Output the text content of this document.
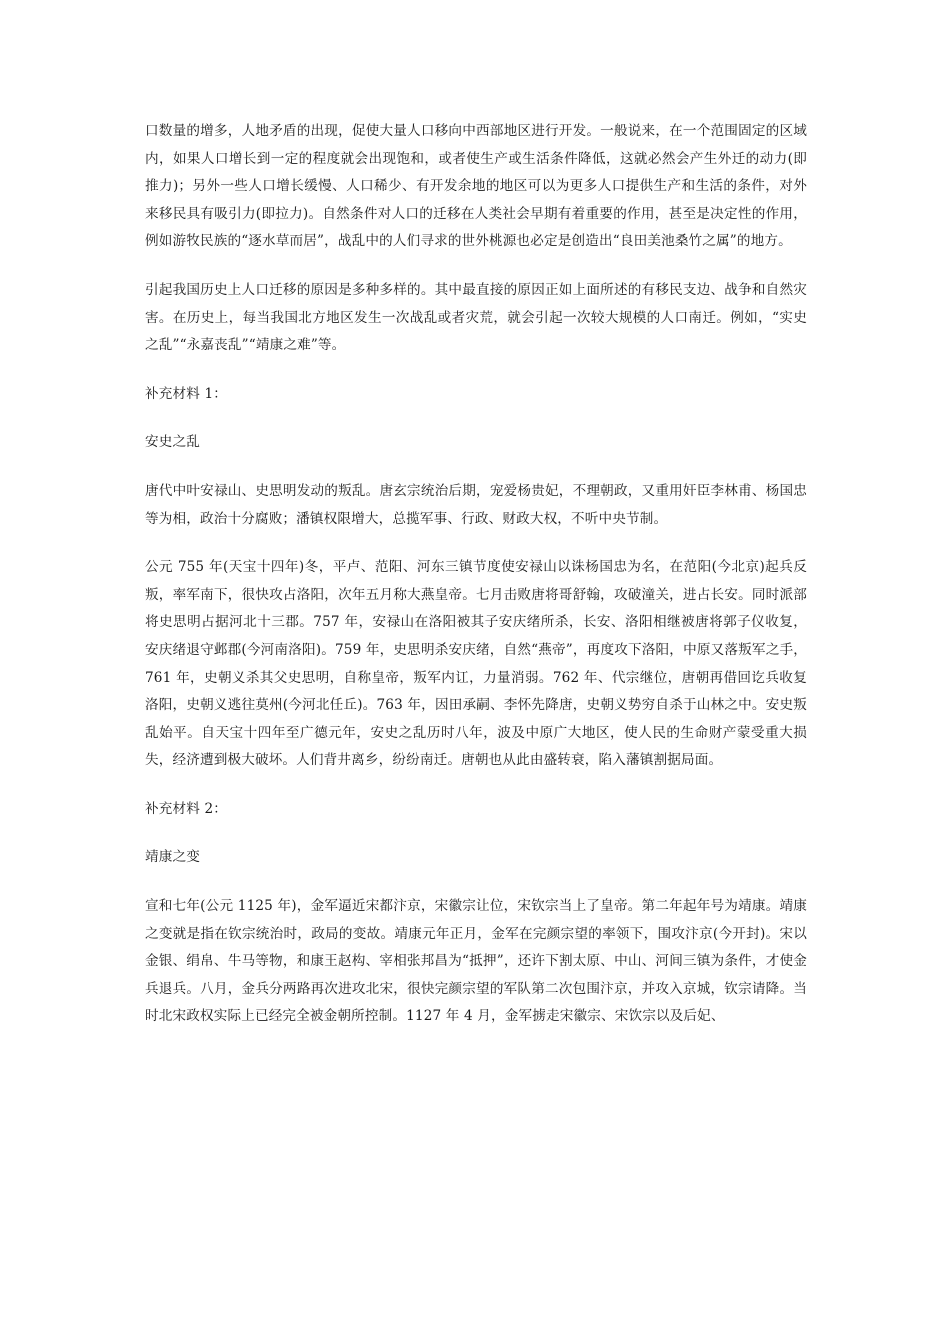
口数量的增多，人地矛盾的出现，促使大量人口移向中西部地区进行开发。一般说来，在一个范围固定的区域内，如果人口增长到一定的程度就会出现饱和，或者使生产或生活条件降低，这就必然会产生外迁的动力(即推力)；另外一些人口增长缓慢、人口稀少、有开发余地的地区可以为更多人口提供生产和生活的条件，对外来移民具有吸引力(即拉力)。自然条件对人口的迁移在人类社会早期有着重要的作用，甚至是决定性的作用，例如游牧民族的“逐水草而居”，战乱中的人们寻求的世外桃源也必定是创造出“良田美池桑竹之属”的地方。

引起我国历史上人口迁移的原因是多种多样的。其中最直接的原因正如上面所述的有移民支边、战争和自然灾害。在历史上，每当我国北方地区发生一次战乱或者灾荒，就会引起一次较大规模的人口南迁。例如，“实史之乱”“永嘉丧乱”“靖康之难”等。

补充材料 1：

安史之乱

唐代中叶安禄山、史思明发动的叛乱。唐玄宗统治后期，宠爱杨贵妃，不理朝政，又重用奸臣李林甫、杨国忠等为相，政治十分腐败；潘镇权限增大，总揽军事、行政、财政大权，不听中央节制。

公元 755 年(天宝十四年)冬，平卢、范阳、河东三镇节度使安禄山以诛杨国忠为名，在范阳(今北京)起兵反叛，率军南下，很快攻占洛阳，次年五月称大燕皇帝。七月击败唐将哥舒翰，攻破潼关，进占长安。同时派部将史思明占据河北十三郡。757 年，安禄山在洛阳被其子安庆绪所杀，长安、洛阳相继被唐将郭子仪收复，安庆绪退守邺郡(今河南洛阳)。759 年，史思明杀安庆绪，自然“燕帝”，再度攻下洛阳，中原又落叛军之手，761 年，史朝义杀其父史思明，自称皇帝，叛军内讧，力量消弱。762 年、代宗继位，唐朝再借回讫兵收复洛阳，史朝义逃往莫州(今河北任丘)。763 年，因田承嗣、李怀先降唐，史朝义势穷自杀于山林之中。安史叛乱始平。自天宝十四年至广德元年，安史之乱历时八年，波及中原广大地区，使人民的生命财产蒙受重大损失，经济遭到极大破坏。人们背井离乡，纷纷南迁。唐朝也从此由盛转衰，陷入藩镇割据局面。

补充材料 2：

靖康之变

宣和七年(公元 1125 年)，金军逼近宋都汴京，宋徽宗让位，宋钦宗当上了皇帝。第二年起年号为靖康。靖康之变就是指在钦宗统治时，政局的变故。靖康元年正月，金军在完颜宗望的率领下，围攻汴京(今开封)。宋以金银、绢帛、牛马等物，和康王赵构、宰相张邦昌为“抵押”，还许下割太原、中山、河间三镇为条件，才使金兵退兵。八月，金兵分两路再次进攻北宋，很快完颜宗望的军队第二次包围汴京，并攻入京城，钦宗请降。当时北宋政权实际上已经完全被金朝所控制。1127 年 4 月，金军掳走宋徽宗、宋饮宗以及后妃、
